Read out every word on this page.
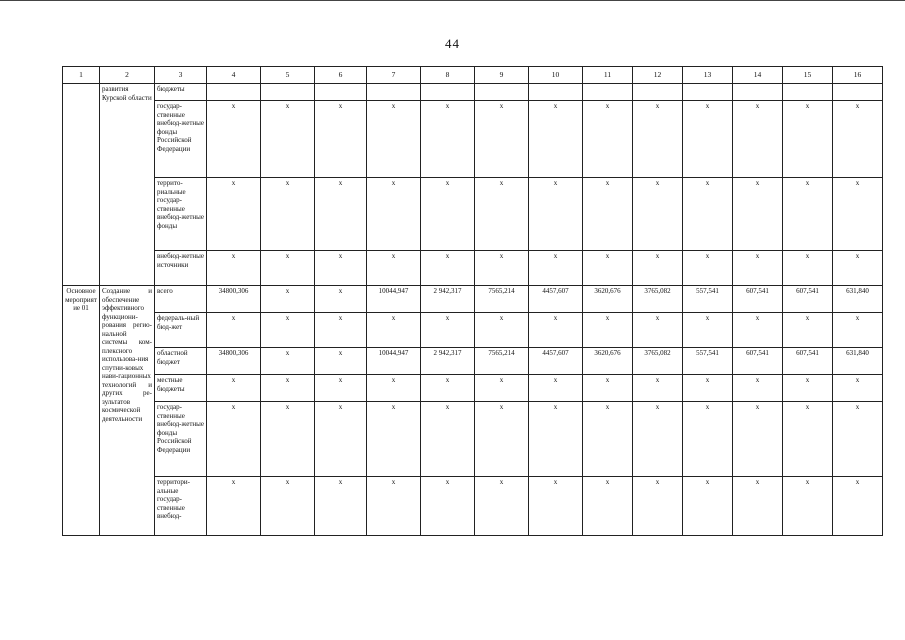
44
1	2	3	4	5	6	7	8	9	10	11	12	13	14	15	16
	развития Курской области	бюджеты													
		государ-ственные внебюд-жетные фонды Российской Федерации	x	x	x	x	x	x	x	x	x	x	x	x	x
		террито-риальные государ-ственные внебюд-жетные фонды	x	x	x	x	x	x	x	x	x	x	x	x	x
		внебюд-жетные источники	x	x	x	x	x	x	x	x	x	x	x	x	x
Основное мероприятие 01	Создание и обеспечение эффективного функциони-рования регио-нальной системы ком-плексного использова-ния спутни-ковых нави-гационных технологий и других ре-зультатов космической деятельности	всего	34800,306	x	x	10044,947	2 942,317	7565,214	4457,607	3620,676	3765,082	557,541	607,541	607,541	631,840
		федераль-ный бюд-жет	x	x	x	x	x	x	x	x	x	x	x	x	x
		областной бюджет	34800,306	x	x	10044,947	2 942,317	7565,214	4457,607	3620,676	3765,082	557,541	607,541	607,541	631,840
		местные бюджеты	x	x	x	x	x	x	x	x	x	x	x	x	x
		государ-ственные внебюд-жетные фонды Российской Федерации	x	x	x	x	x	x	x	x	x	x	x	x	x
		территори-альные государ-ственные внебюд-	x	x	x	x	x	x	x	x	x	x	x	x	x
